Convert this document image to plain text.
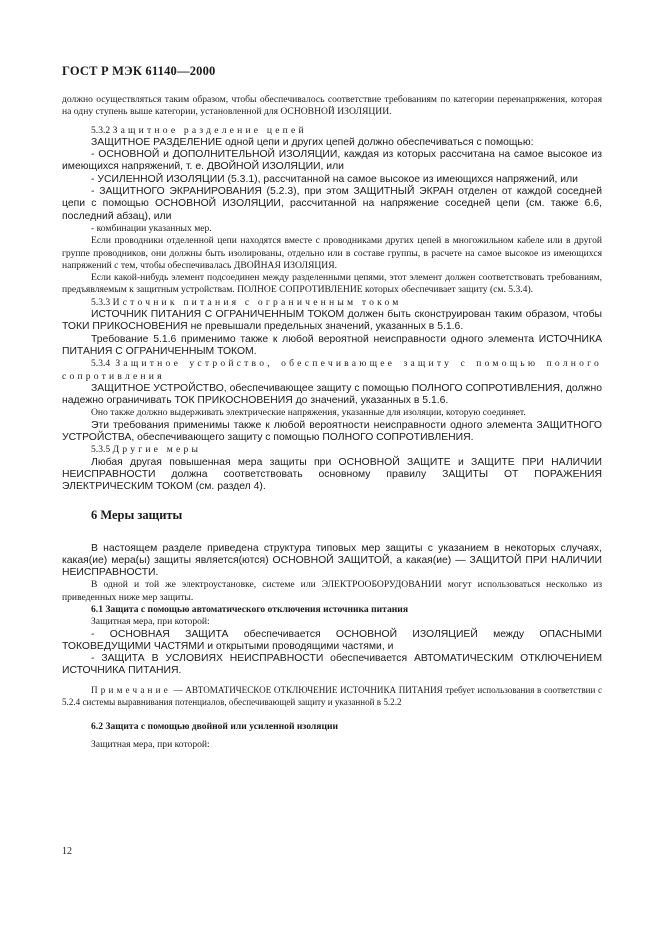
ГОСТ Р МЭК 61140—2000

должно осуществляться таким образом, чтобы обеспечивалось соответствие требованиям по категории перенапряжения, которая на одну ступень выше категории, установленной для ОСНОВНОЙ ИЗОЛЯЦИИ.

5.3.2 Защитное разделение цепей

ЗАЩИТНОЕ РАЗДЕЛЕНИЕ одной цепи и других цепей должно обеспечиваться с помощью:

- ОСНОВНОЙ и ДОПОЛНИТЕЛЬНОЙ ИЗОЛЯЦИИ, каждая из которых рассчитана на самое высокое из имеющихся напряжений, т. е. ДВОЙНОЙ ИЗОЛЯЦИИ, или

- УСИЛЕННОЙ ИЗОЛЯЦИИ (5.3.1), рассчитанной на самое высокое из имеющихся напряжений, или

- ЗАЩИТНОГО ЭКРАНИРОВАНИЯ (5.2.3), при этом ЗАЩИТНЫЙ ЭКРАН отделен от каждой соседней цепи с помощью ОСНОВНОЙ ИЗОЛЯЦИИ, рассчитанной на напряжение соседней цепи (см. также 6.6, последний абзац), или

- комбинации указанных мер.

Если проводники отделенной цепи находятся вместе с проводниками других цепей в многожильном кабеле или в другой группе проводников, они должны быть изолированы, отдельно или в составе группы, в расчете на самое высокое из имеющихся напряжений с тем, чтобы обеспечивалась ДВОЙНАЯ ИЗОЛЯЦИЯ.

Если какой-нибудь элемент подсоединен между разделенными цепями, этот элемент должен соответствовать требованиям, предъявляемым к защитным устройствам. ПОЛНОЕ СОПРОТИВЛЕНИЕ которых обеспечивает защиту (см. 5.3.4).

5.3.3 Источник питания с ограниченным током

ИСТОЧНИК ПИТАНИЯ С ОГРАНИЧЕННЫМ ТОКОМ должен быть сконструирован таким образом, чтобы ТОКИ ПРИКОСНОВЕНИЯ не превышали предельных значений, указанных в 5.1.6.

Требование 5.1.6 применимо также к любой вероятной неисправности одного элемента ИСТОЧНИКА ПИТАНИЯ С ОГРАНИЧЕННЫМ ТОКОМ.

5.3.4 Защитное устройство, обеспечивающее защиту с помощью полного сопротивления

ЗАЩИТНОЕ УСТРОЙСТВО, обеспечивающее защиту с помощью ПОЛНОГО СОПРОТИВЛЕНИЯ, должно надежно ограничивать ТОК ПРИКОСНОВЕНИЯ до значений, указанных в 5.1.6.

Оно также должно выдерживать электрические напряжения, указанные для изоляции, которую соединяет.

Эти требования применимы также к любой вероятности неисправности одного элемента ЗАЩИТНОГО УСТРОЙСТВА, обеспечивающего защиту с помощью ПОЛНОГО СОПРОТИВЛЕНИЯ.

5.3.5 Другие меры

Любая другая повышенная мера защиты при ОСНОВНОЙ ЗАЩИТЕ и ЗАЩИТЕ ПРИ НАЛИЧИИ НЕИСПРАВНОСТИ должна соответствовать основному правилу ЗАЩИТЫ ОТ ПОРАЖЕНИЯ ЭЛЕКТРИЧЕСКИМ ТОКОМ (см. раздел 4).

6 Меры защиты

В настоящем разделе приведена структура типовых мер защиты с указанием в некоторых случаях, какая(ие) мера(ы) защиты является(ются) ОСНОВНОЙ ЗАЩИТОЙ, а какая(ие) — ЗАЩИТОЙ ПРИ НАЛИЧИИ НЕИСПРАВНОСТИ.

В одной и той же электроустановке, системе или ЭЛЕКТРООБОРУДОВАНИИ могут использоваться несколько из приведенных ниже мер защиты.

6.1 Защита с помощью автоматического отключения источника питания

Защитная мера, при которой:

- ОСНОВНАЯ ЗАЩИТА обеспечивается ОСНОВНОЙ ИЗОЛЯЦИЕЙ между ОПАСНЫМИ ТОКОВЕДУЩИМИ ЧАСТЯМИ и открытыми проводящими частями, и

- ЗАЩИТА В УСЛОВИЯХ НЕИСПРАВНОСТИ обеспечивается АВТОМАТИЧЕСКИМ ОТКЛЮЧЕНИЕМ ИСТОЧНИКА ПИТАНИЯ.

Примечание — АВТОМАТИЧЕСКОЕ ОТКЛЮЧЕНИЕ ИСТОЧНИКА ПИТАНИЯ требует использования в соответствии с 5.2.4 системы выравнивания потенциалов, обеспечивающей защиту и указанной в 5.2.2

6.2 Защита с помощью двойной или усиленной изоляции

Защитная мера, при которой:

12
